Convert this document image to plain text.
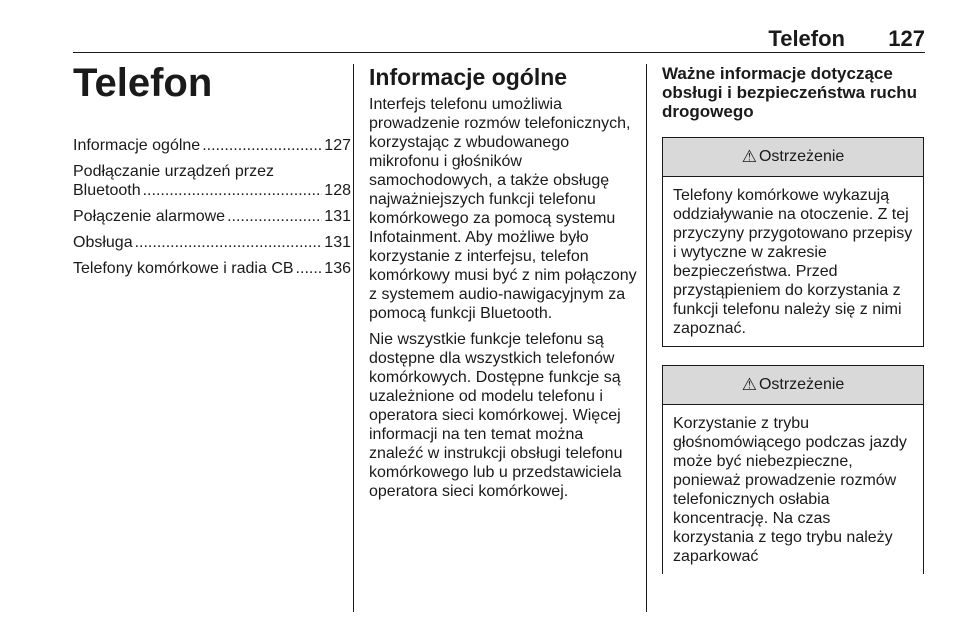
Telefon 127
Telefon
Informacje ogólne .....	127
Podłączanie urządzeń przez
Bluetooth .....	128
Połączenie alarmowe .....	131
Obsługa .....	131
Telefony komórkowe i radia CB ..... 136
Informacje ogólne

Interfejs telefonu umożliwia prowadzenie rozmów telefonicznych, korzystając z wbudowanego mikrofonu i głośników samochodowych, a także obsługę najważniejszych funkcji telefonu komórkowego za pomocą systemu Infotainment. Aby możliwe było korzystanie z interfejsu, telefon komórkowy musi być z nim połączony z systemem audio-nawigacyjnym za pomocą funkcji Bluetooth.

Nie wszystkie funkcje telefonu są dostępne dla wszystkich telefonów komórkowych. Dostępne funkcje są uzależnione od modelu telefonu i operatora sieci komórkowej. Więcej informacji na ten temat można znaleźć w instrukcji obsługi telefonu komórkowego lub u przedstawiciela operatora sieci komórkowej.

Ważne informacje dotyczące obsługi i bezpieczeństwa ruchu drogowego
⚠ Ostrzeżenie
Telefony komórkowe wykazują oddziaływanie na otoczenie. Z tej przyczyny przygotowano przepisy i wytyczne w zakresie bezpieczeństwa. Przed przystąpieniem do korzystania z funkcji telefonu należy się z nimi zapoznać.
⚠ Ostrzeżenie
Korzystanie z trybu głośnomówiącego podczas jazdy może być niebezpieczne, ponieważ prowadzenie rozmów telefonicznych osłabia koncentrację. Na czas korzystania z tego trybu należy zaparkować
